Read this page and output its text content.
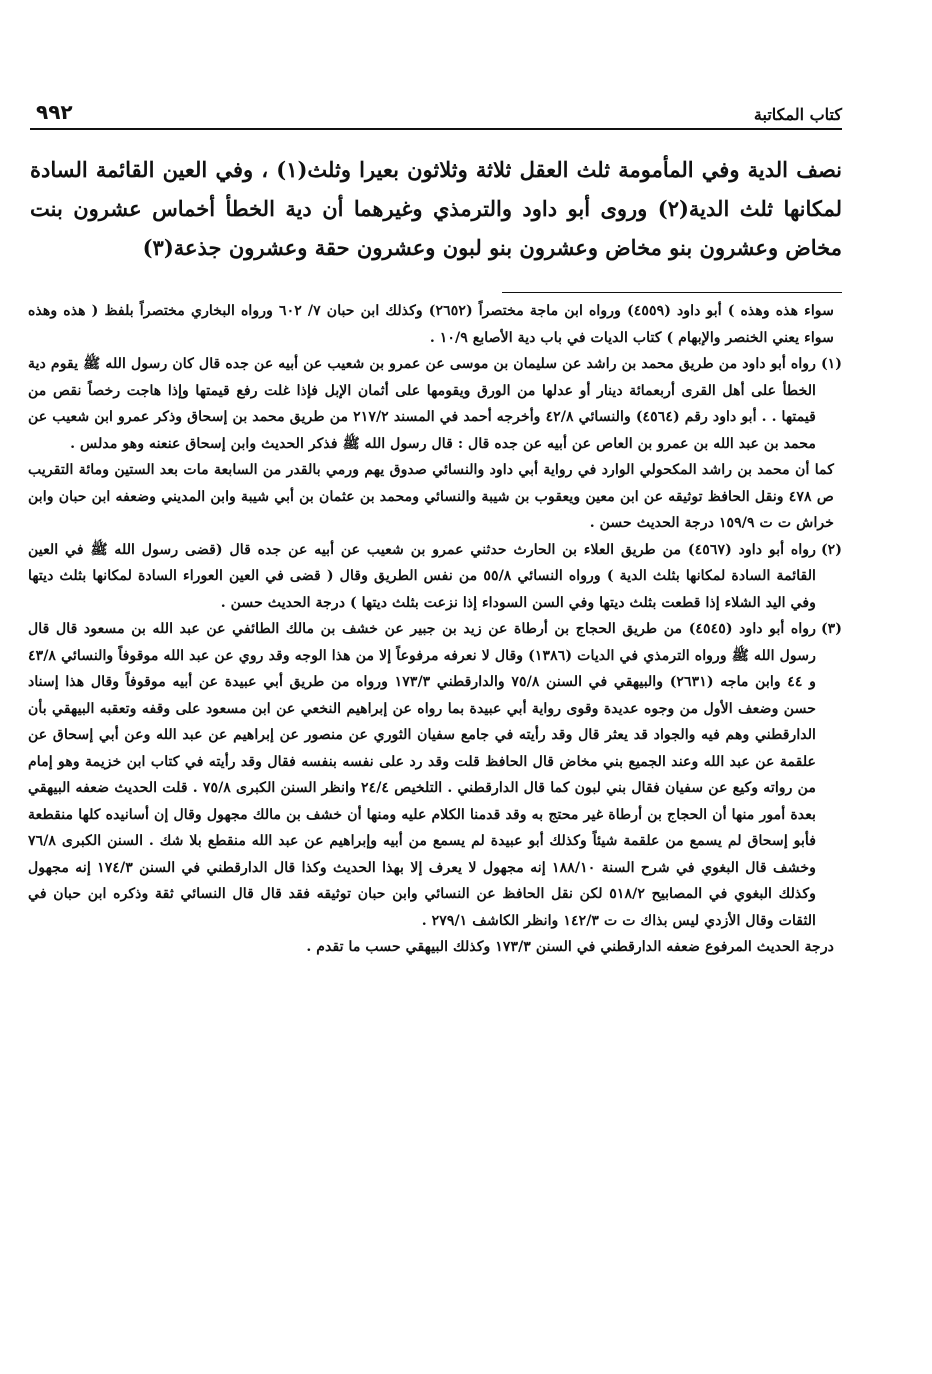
٩٩٢	كتاب المكاتبة

نصف الدية وفي المأمومة ثلث العقل ثلاثة وثلاثون بعيرا وثلث(١) ، وفي العين القائمة السادة لمكانها ثلث الدية(٢) وروى أبو داود والترمذي وغيرهما أن دية الخطأ أخماس عشرون بنت مخاض وعشرون بنو مخاض وعشرون بنو لبون وعشرون حقة وعشرون جذعة(٣)

سواء هذه وهذه ) أبو داود (٤٥٥٩) ورواه ابن ماجة مختصراً (٢٦٥٢) وكذلك ابن حبان ٧/ ٦٠٢ ورواه البخاري مختصراً بلفظ ( هذه وهذه سواء يعني الخنصر والإبهام ) كتاب الديات في باب دية الأصابع ١٠/٩ .

(١)
رواه أبو داود من طريق محمد بن راشد عن سليمان بن موسى عن عمرو بن شعيب عن أبيه عن جده قال كان رسول الله ﷺ يقوم دية الخطأ على أهل القرى أربعمائة دينار أو عدلها من الورق ويقومها على أثمان الإبل فإذا غلت رفع قيمتها وإذا هاجت رخصاً نقص من قيمتها . . أبو داود رقم (٤٥٦٤) والنسائي ٤٢/٨ وأخرجه أحمد في المسند ٢١٧/٢ من طريق محمد بن إسحاق وذكر عمرو ابن شعيب عن محمد بن عبد الله بن عمرو بن العاص عن أبيه عن جده قال : قال رسول الله ﷺ فذكر الحديث وابن إسحاق عنعنه وهو مدلس .

كما أن محمد بن راشد المكحولي الوارد في رواية أبي داود والنسائي صدوق يهم ورمي بالقدر من السابعة مات بعد الستين ومائة التقريب ص ٤٧٨ ونقل الحافظ توثيقه عن ابن معين ويعقوب بن شيبة والنسائي ومحمد بن عثمان بن أبي شيبة وابن المديني وضعفه ابن حبان وابن خراش ت ت ١٥٩/٩ درجة الحديث حسن .

(٢)
رواه أبو داود (٤٥٦٧) من طريق العلاء بن الحارث حدثني عمرو بن شعيب عن أبيه عن جده قال (قضى رسول الله ﷺ في العين القائمة السادة لمكانها بثلث الدية ) ورواه النسائي ٥٥/٨ من نفس الطريق وقال ( قضى في العين العوراء السادة لمكانها بثلث ديتها وفي اليد الشلاء إذا قطعت بثلث ديتها وفي السن السوداء إذا نزعت بثلث ديتها ) درجة الحديث حسن .

(٣)
رواه أبو داود (٤٥٤٥) من طريق الحجاج بن أرطاة عن زيد بن جبير عن خشف بن مالك الطائفي عن عبد الله بن مسعود قال قال رسول الله ﷺ ورواه الترمذي في الديات (١٣٨٦) وقال لا نعرفه مرفوعاً إلا من هذا الوجه وقد روي عن عبد الله موقوفاً والنسائي ٤٣/٨ و ٤٤ وابن ماجه (٢٦٣١) والبيهقي في السنن ٧٥/٨ والدارقطني ١٧٣/٣ ورواه من طريق أبي عبيدة عن أبيه موقوفاً وقال هذا إسناد حسن وضعف الأول من وجوه عديدة وقوى رواية أبي عبيدة بما رواه عن إبراهيم النخعي عن ابن مسعود على وقفه وتعقبه البيهقي بأن الدارقطني وهم فيه والجواد قد يعثر قال وقد رأيته في جامع سفيان الثوري عن منصور عن إبراهيم عن عبد الله وعن أبي إسحاق عن علقمة عن عبد الله وعند الجميع بني مخاض قال الحافظ قلت وقد رد على نفسه بنفسه فقال وقد رأيته في كتاب ابن خزيمة وهو إمام من رواته وكيع عن سفيان فقال بني لبون كما قال الدارقطني . التلخيص ٢٤/٤ وانظر السنن الكبرى ٧٥/٨ . قلت الحديث ضعفه البيهقي بعدة أمور منها أن الحجاج بن أرطاة غير محتج به وقد قدمنا الكلام عليه ومنها أن خشف بن مالك مجهول وقال إن أسانيده كلها منقطعة فأبو إسحاق لم يسمع من علقمة شيئاً وكذلك أبو عبيدة لم يسمع من أبيه وإبراهيم عن عبد الله منقطع بلا شك . السنن الكبرى ٧٦/٨ وخشف قال البغوي في شرح السنة ١٨٨/١٠ إنه مجهول لا يعرف إلا بهذا الحديث وكذا قال الدارقطني في السنن ١٧٤/٣ إنه مجهول وكذلك البغوي في المصابيح ٥١٨/٢ لكن نقل الحافظ عن النسائي وابن حبان توثيقه فقد قال قال النسائي ثقة وذكره ابن حبان في الثقات وقال الأزدي ليس بذاك ت ت ١٤٢/٣ وانظر الكاشف ٢٧٩/١ .

درجة الحديث المرفوع ضعفه الدارقطني في السنن ١٧٣/٣ وكذلك البيهقي حسب ما تقدم .
